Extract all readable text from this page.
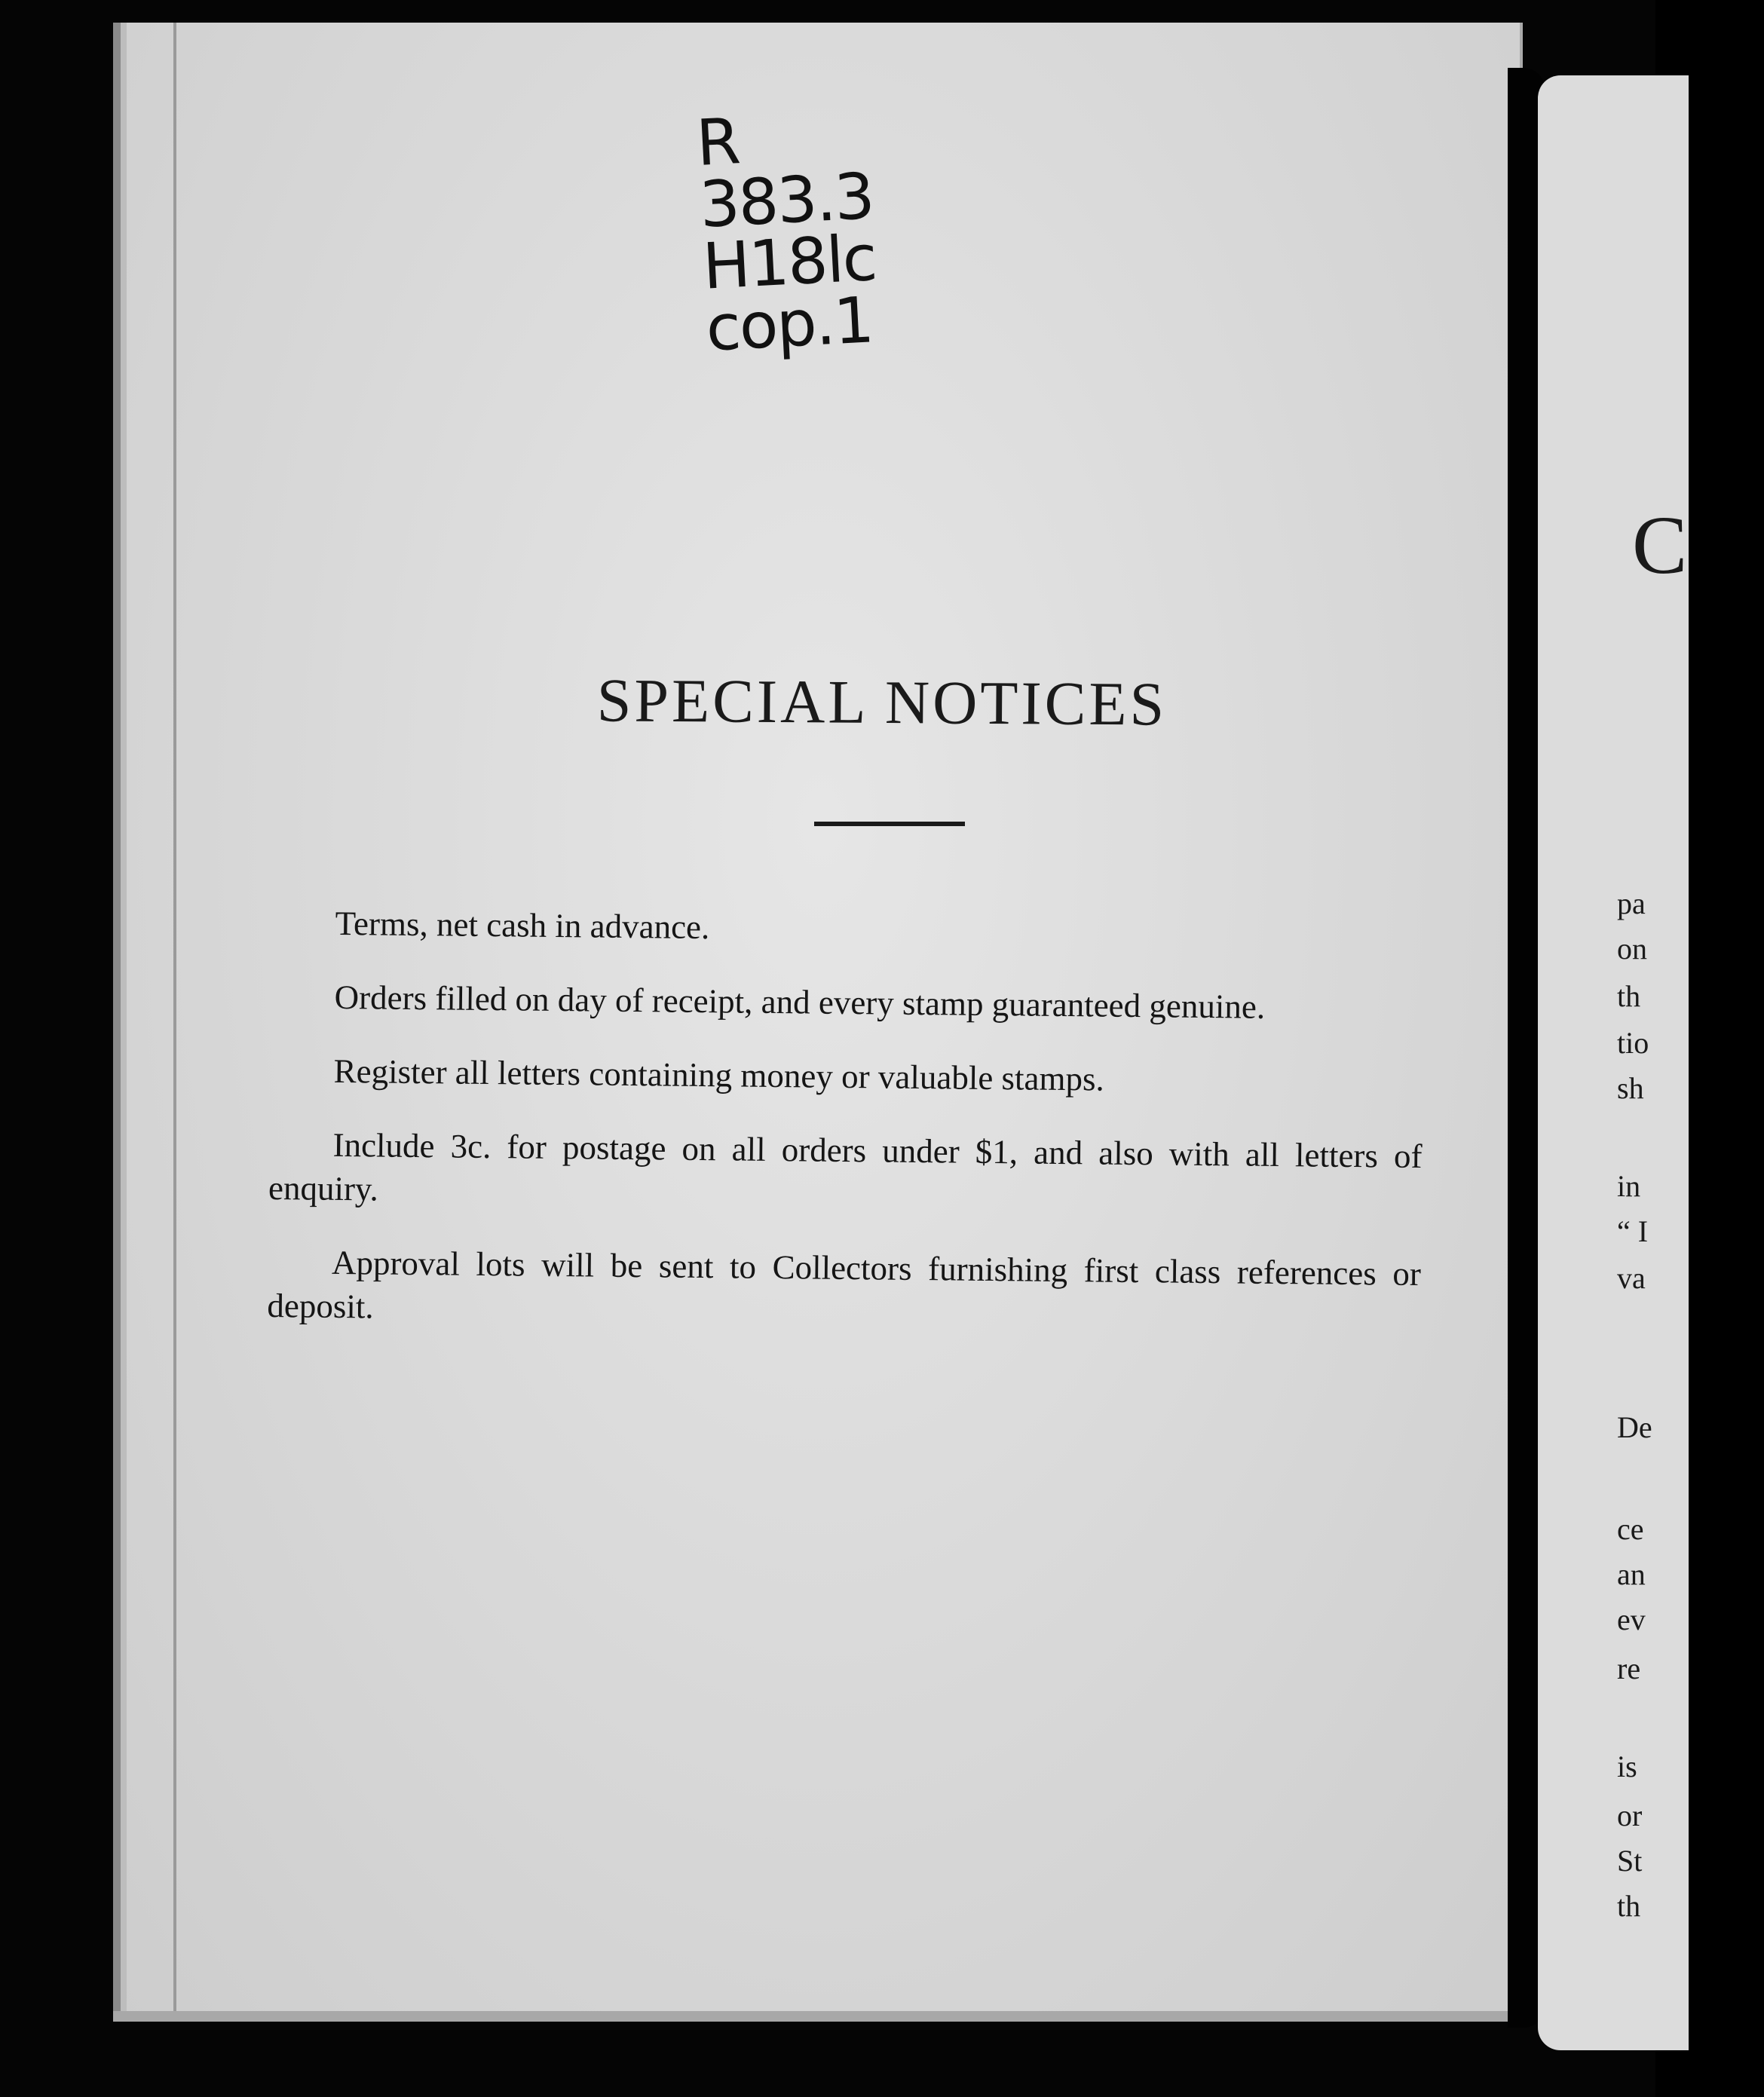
R
383.3
H18lc
cop.1
SPECIAL NOTICES

Terms, net cash in advance.

Orders filled on day of receipt, and every stamp guaranteed genuine.

Register all letters containing money or valuable stamps.

Include 3c. for postage on all orders under $1, and also with all letters of enquiry.

Approval lots will be sent to Collectors furnishing first class references or deposit.

C
pa
on
th
tio
sh
in
“ I
va
De
ce
an
ev
re
is
or
St
th
